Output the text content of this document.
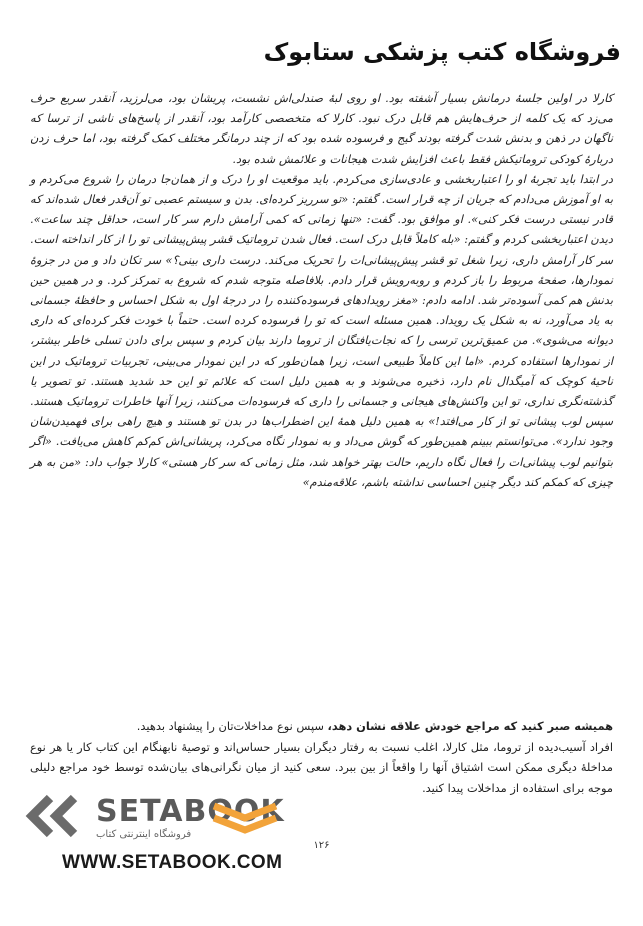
فروشگاه کتب پزشکی ستابوک

کارلا در اولین جلسهٔ درمانش بسیار آشفته بود. او روی لبهٔ صندلی‌اش نشست، پریشان بود، می‌لرزید، آنقدر سریع حرف می‌زد که یک کلمه از حرف‌هایش هم قابل درک نبود. کارلا که متخصصی کارآمد بود، آنقدر از پاسخ‌های ناشی از ترسا که ناگهان در ذهن و بدنش شدت گرفته بودند گیج و فرسوده شده بود که از چند درمانگر مختلف کمک گرفته بود، اما حرف زدن دربارهٔ کودکی تروماتیکش فقط باعث افزایش شدت هیجانات و علائمش شده بود.

در ابتدا باید تجربهٔ او را اعتباربخشی و عادی‌سازی می‌کردم. باید موقعیت او را درک و از همان‌جا درمان را شروع می‌کردم و به او آموزش می‌دادم که جریان از چه قرار است. گفتم: «تو سرریز کرده‌ای. بدن و سیستم عصبی تو آن‌قدر فعال شده‌اند که قادر نیستی درست فکر کنی». او موافق بود. گفت: «تنها زمانی که کمی آرامش دارم سر کار است، حداقل چند ساعت». دیدن اعتباربخشی کردم و گفتم: «بله کاملاً قابل درک است. فعال شدن تروماتیک قشر پیش‌پیشانی تو را از کار انداخته است. سر کار آرامش داری، زیرا شغل تو قشر پیش‌پیشانی‌ات را تحریک می‌کند. درست داری بینی؟» سر تکان داد و من در جزوهٔ نمودارها، صفحهٔ مربوط را باز کردم و روبه‌رویش قرار دادم. بلافاصله متوجه شدم که شروع به تمرکز کرد. و در همین حین بدنش هم کمی آسوده‌تر شد. ادامه دادم: «مغز رویدادهای فرسوده‌کننده را در درجهٔ اول به شکل احساس و حافظهٔ جسمانی به یاد می‌آورد، نه به شکل یک رویداد. همین مسئله است که تو را فرسوده کرده است. حتماً با خودت فکر کرده‌ای که داری دیوانه می‌شوی». من عمیق‌ترین ترسی را که نجات‌یافتگان از تروما دارند بیان کردم و سپس برای دادن تسلی خاطر بیشتر، از نمودارها استفاده کردم. «اما این کاملاً طبیعی است، زیرا همان‌طور که در این نمودار می‌بینی، تجربیات تروماتیک در این ناحیهٔ کوچک که آمیگدال نام دارد، ذخیره می‌شوند و به همین دلیل است که علائم تو این حد شدید هستند. تو تصویر یا گذشته‌نگری نداری، تو این واکنش‌های هیجانی و جسمانی را داری که فرسوده‌ات می‌کنند، زیرا آنها خاطرات تروماتیک هستند. سپس لوب پیشانی تو از کار می‌افتد!» به همین دلیل همهٔ این اضطراب‌ها در بدن تو هستند و هیچ راهی برای فهمیدن‌شان وجود ندارد». می‌توانستم ببینم همین‌طور که گوش می‌داد و به نمودار نگاه می‌کرد، پریشانی‌اش کم‌کم کاهش می‌یافت. «اگر بتوانیم لوب پیشانی‌ات را فعال نگاه داریم، حالت بهتر خواهد شد، مثل زمانی که سر کار هستی» کارلا جواب داد: «من به هر چیزی که کمکم کند دیگر چنین احساسی نداشته باشم، علاقه‌مندم»

همیشه صبر کنید که مراجع خودش علاقه نشان دهد، سپس نوع مداخلات‌تان را پیشنهاد بدهید.

افراد آسیب‌دیده از تروما، مثل کارلا، اغلب نسبت به رفتار دیگران بسیار حساس‌اند و توصیهٔ نابهنگام این کتاب کار یا هر نوع مداخلهٔ دیگری ممکن است اشتیاق آنها را واقعاً از بین ببرد. سعی کنید از میان نگرانی‌های بیان‌شده توسط خود مراجع دلیلی موجه برای استفاده از مداخلات پیدا کنید.

۱۲۶
SETABOOK
فروشگاه اینترنتی کتاب
WWW.SETABOOK.COM
